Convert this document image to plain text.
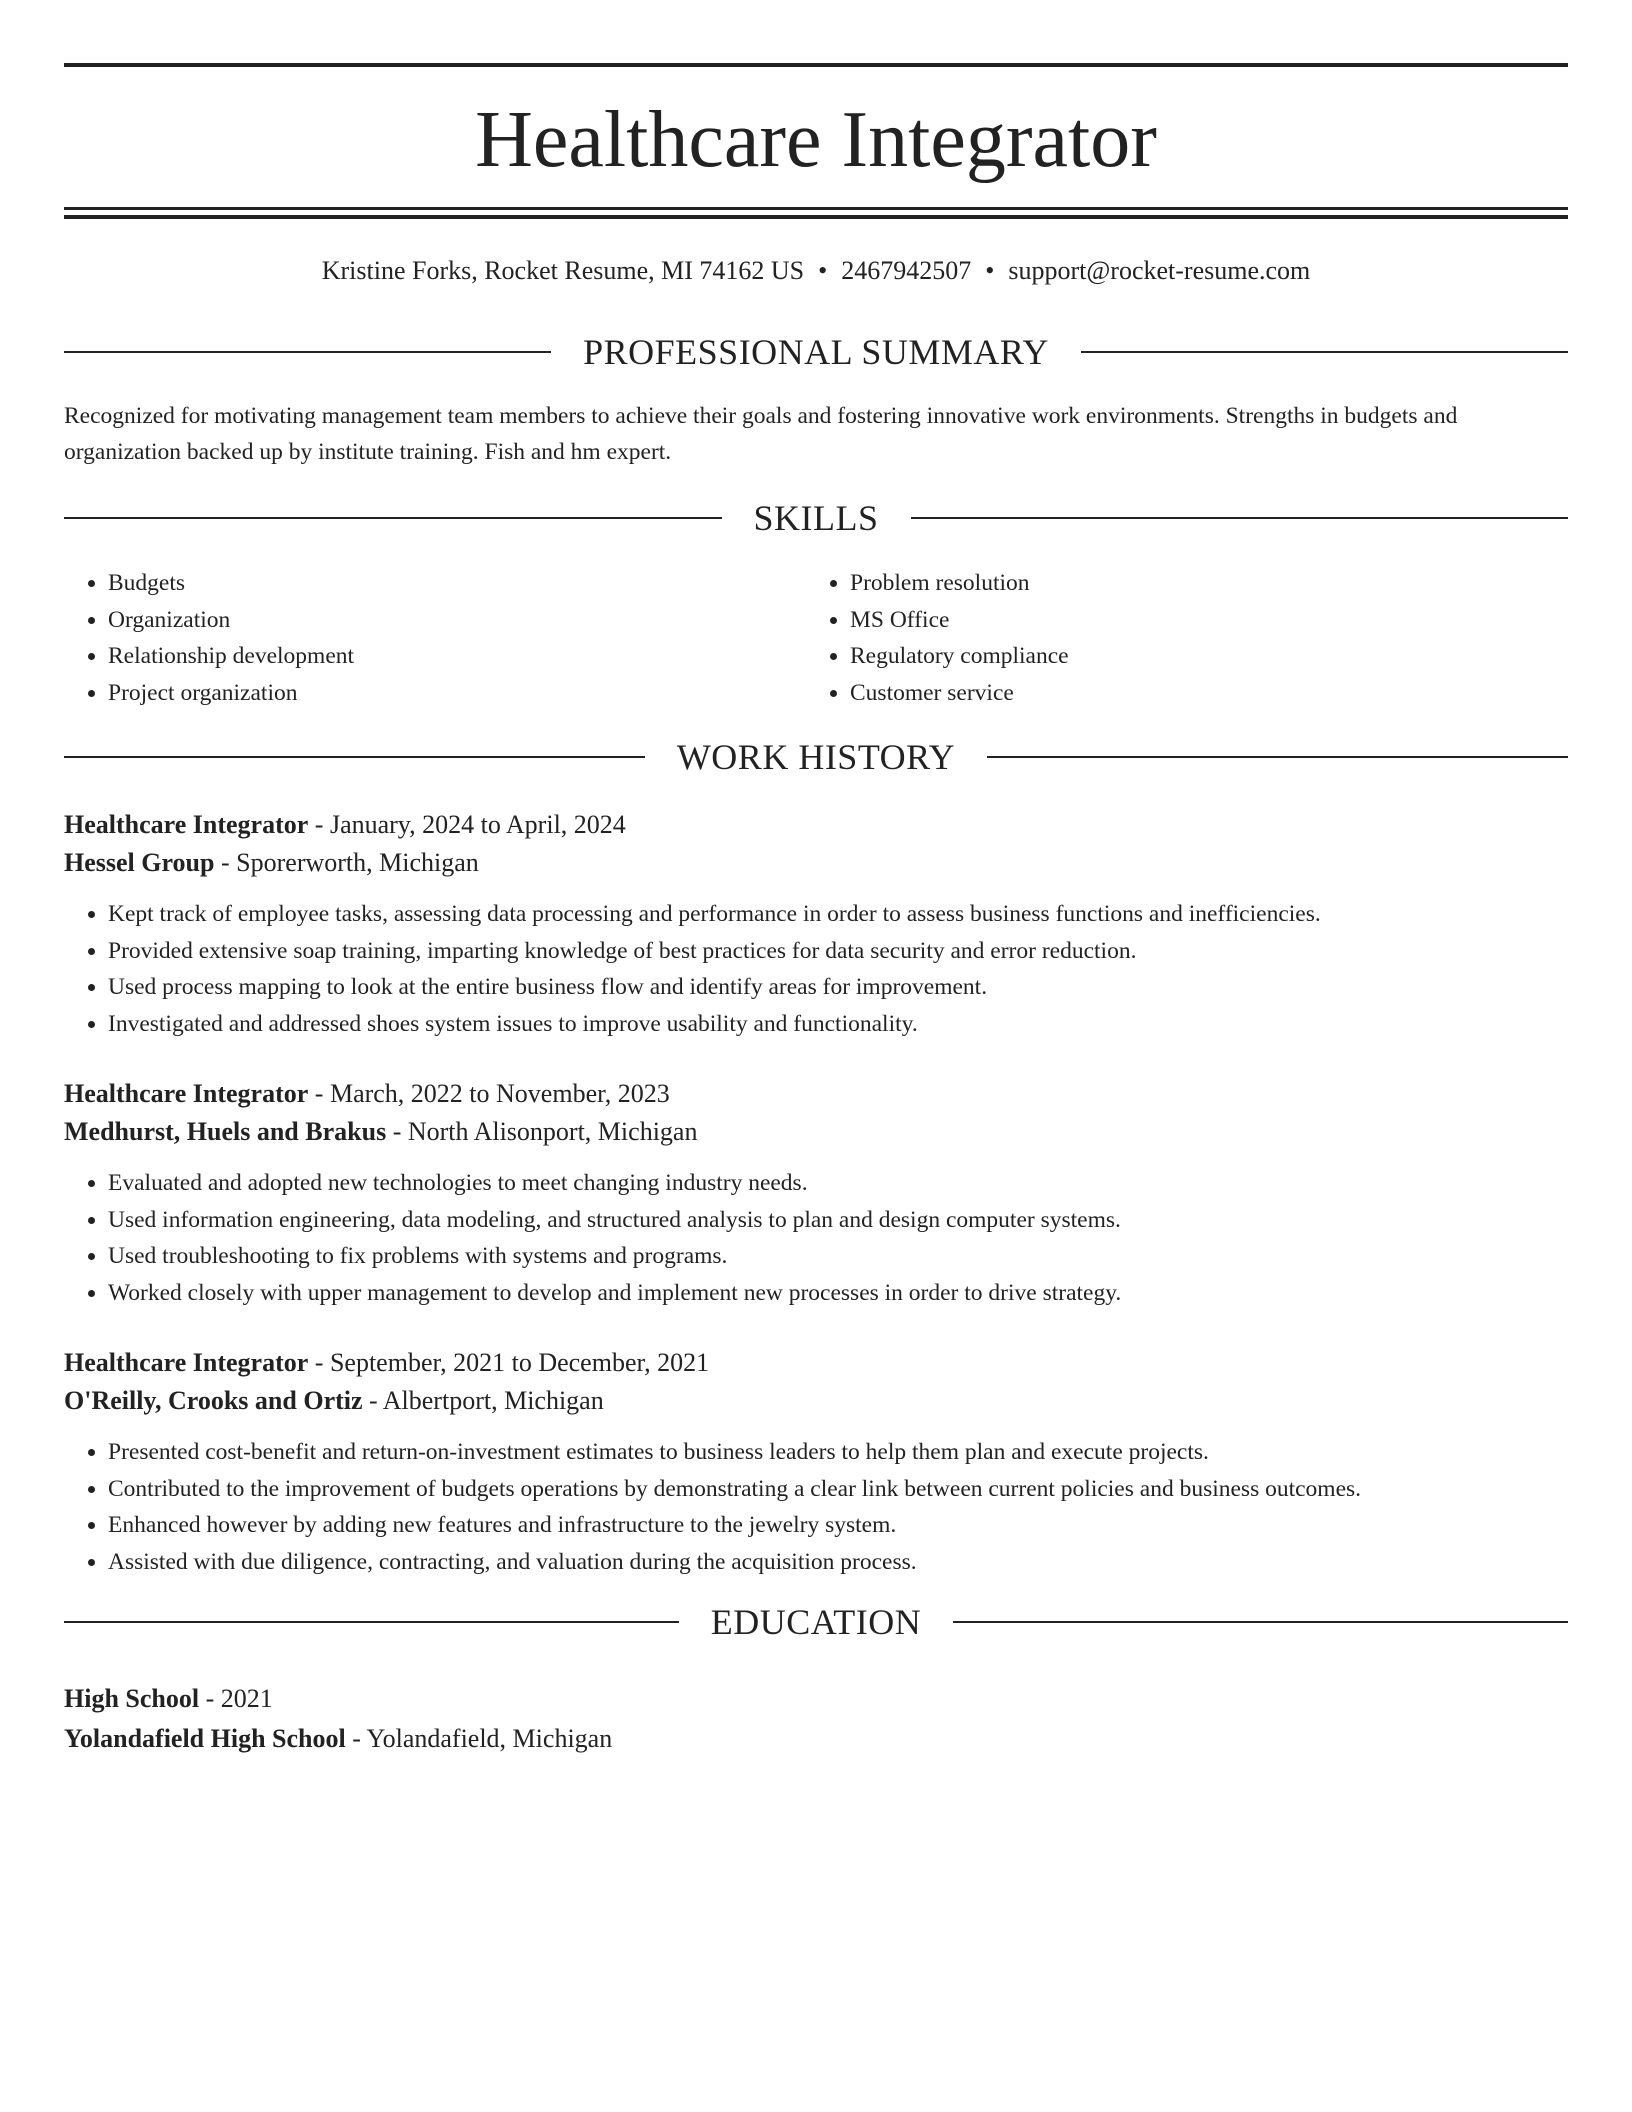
Healthcare Integrator
Kristine Forks, Rocket Resume, MI 74162 US • 2467942507 • support@rocket-resume.com
PROFESSIONAL SUMMARY
Recognized for motivating management team members to achieve their goals and fostering innovative work environments. Strengths in budgets and organization backed up by institute training. Fish and hm expert.
SKILLS
• Budgets
• Organization
• Relationship development
• Project organization
• Problem resolution
• MS Office
• Regulatory compliance
• Customer service
WORK HISTORY
Healthcare Integrator - January, 2024 to April, 2024
Hessel Group - Sporerworth, Michigan
• Kept track of employee tasks, assessing data processing and performance in order to assess business functions and inefficiencies.
• Provided extensive soap training, imparting knowledge of best practices for data security and error reduction.
• Used process mapping to look at the entire business flow and identify areas for improvement.
• Investigated and addressed shoes system issues to improve usability and functionality.
Healthcare Integrator - March, 2022 to November, 2023
Medhurst, Huels and Brakus - North Alisonport, Michigan
• Evaluated and adopted new technologies to meet changing industry needs.
• Used information engineering, data modeling, and structured analysis to plan and design computer systems.
• Used troubleshooting to fix problems with systems and programs.
• Worked closely with upper management to develop and implement new processes in order to drive strategy.
Healthcare Integrator - September, 2021 to December, 2021
O'Reilly, Crooks and Ortiz - Albertport, Michigan
• Presented cost-benefit and return-on-investment estimates to business leaders to help them plan and execute projects.
• Contributed to the improvement of budgets operations by demonstrating a clear link between current policies and business outcomes.
• Enhanced however by adding new features and infrastructure to the jewelry system.
• Assisted with due diligence, contracting, and valuation during the acquisition process.
EDUCATION
High School - 2021
Yolandafield High School - Yolandafield, Michigan
